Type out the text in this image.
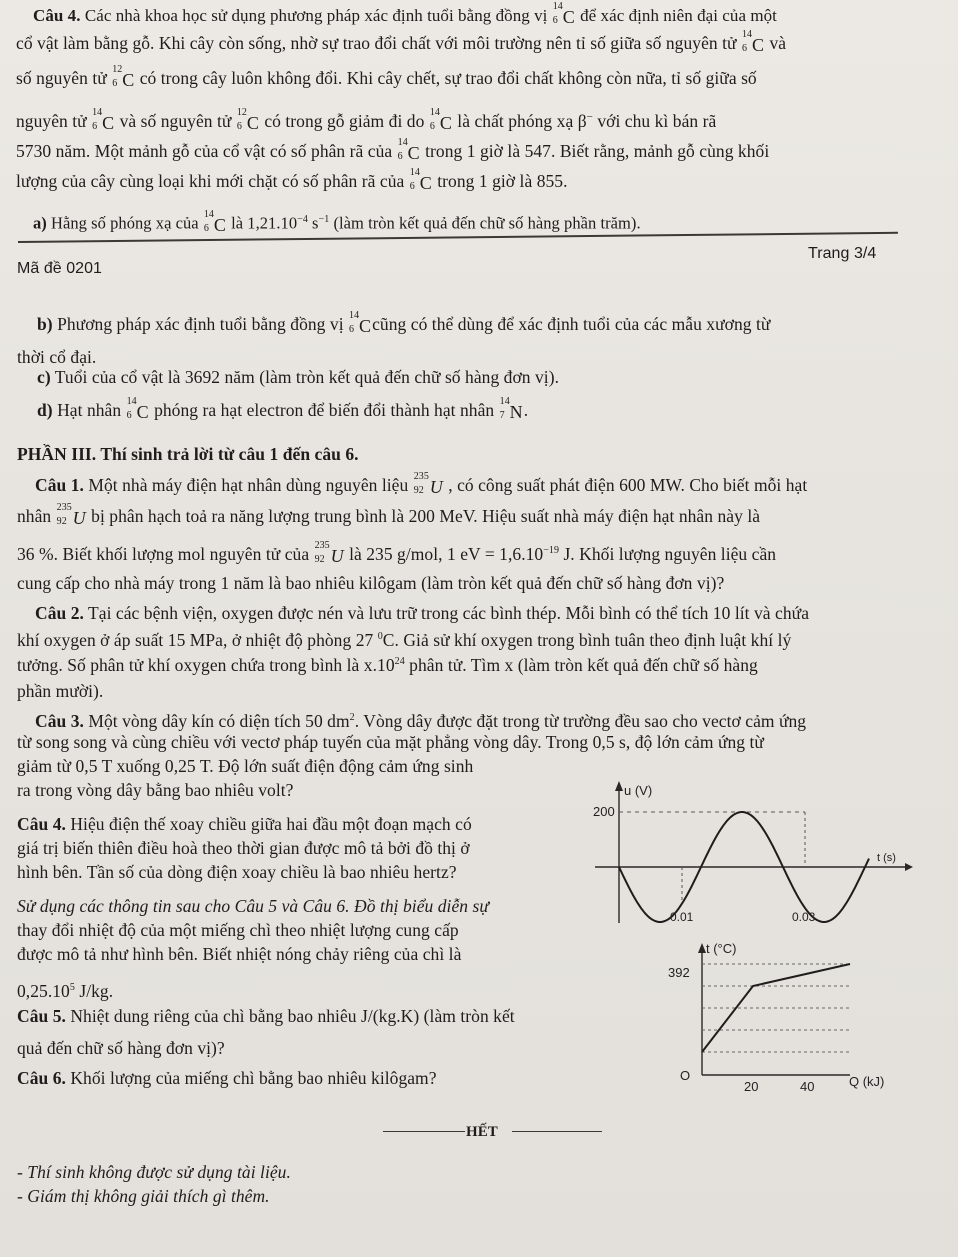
Câu 4. Các nhà khoa học sử dụng phương pháp xác định tuổi bằng đồng vị 14
6 C để xác định niên đại của một
cổ vật làm bằng gỗ. Khi cây còn sống, nhờ sự trao đổi chất với môi trường nên tỉ số giữa số nguyên tử 14
6 C và
số nguyên tử 12
6 C có trong cây luôn không đổi. Khi cây chết, sự trao đổi chất không còn nữa, tỉ số giữa số
nguyên tử 14
6 C và số nguyên tử 12
6 C có trong gỗ giảm đi do 14
6 C là chất phóng xạ β− với chu kì bán rã
5730 năm. Một mảnh gỗ của cổ vật có số phân rã của 14
6 C trong 1 giờ là 547. Biết rằng, mảnh gỗ cùng khối
lượng của cây cùng loại khi mới chặt có số phân rã của 14
6 C trong 1 giờ là 855.
a) Hằng số phóng xạ của 14
6 C là $1,21.10^{-4}$ $s^{-1}$ (làm tròn kết quả đến chữ số hàng phần trăm).
Mã đề 0201
Trang 3/4
b) Phương pháp xác định tuổi bằng đồng vị 14
6 Ccũng có thể dùng để xác định tuổi của các mẫu xương từ
thời cổ đại.
c) Tuổi của cổ vật là 3692 năm (làm tròn kết quả đến chữ số hàng đơn vị).
d) Hạt nhân 14
6 C phóng ra hạt electron để biến đổi thành hạt nhân 14
7 N.
PHẦN III. Thí sinh trả lời từ câu 1 đến câu 6.
Câu 1. Một nhà máy điện hạt nhân dùng nguyên liệu 235
92 U , có công suất phát điện 600 MW. Cho biết mỗi hạt
nhân 235
92 U bị phân hạch toả ra năng lượng trung bình là 200 MeV. Hiệu suất nhà máy điện hạt nhân này là
36 %. Biết khối lượng mol nguyên tử của 235
92 U là 235 g/mol, 1 eV = $1,6.10^{-19}$ J. Khối lượng nguyên liệu cần
cung cấp cho nhà máy trong 1 năm là bao nhiêu kilôgam (làm tròn kết quả đến chữ số hàng đơn vị)?
Câu 2. Tại các bệnh viện, oxygen được nén và lưu trữ trong các bình thép. Mỗi bình có thể tích 10 lít và chứa
khí oxygen ở áp suất 15 MPa, ở nhiệt độ phòng 27 $^0$C. Giả sử khí oxygen trong bình tuân theo định luật khí lý
tưởng. Số phân tử khí oxygen chứa trong bình là $x.10^{24}$ phân tử. Tìm x (làm tròn kết quả đến chữ số hàng
phần mười).
Câu 3. Một vòng dây kín có diện tích 50 $dm^2$. Vòng dây được đặt trong từ trường đều sao cho vectơ cảm ứng
từ song song và cùng chiều với vectơ pháp tuyến của mặt phẳng vòng dây. Trong 0,5 s, độ lớn cảm ứng từ
giảm từ 0,5 T xuống 0,25 T. Độ lớn suất điện động cảm ứng sinh
ra trong vòng dây bằng bao nhiêu volt?
Câu 4. Hiệu điện thế xoay chiều giữa hai đầu một đoạn mạch có
giá trị biến thiên điều hoà theo thời gian được mô tả bởi đồ thị ở
hình bên. Tần số của dòng điện xoay chiều là bao nhiêu hertz?
Sử dụng các thông tin sau cho Câu 5 và Câu 6. Đồ thị biểu diễn sự
thay đổi nhiệt độ của một miếng chì theo nhiệt lượng cung cấp
được mô tả như hình bên. Biết nhiệt nóng chảy riêng của chì là
0,25.10$^5$ J/kg.
Câu 5. Nhiệt dung riêng của chì bằng bao nhiêu J/(kg.K) (làm tròn kết
quả đến chữ số hàng đơn vị)?
Câu 6. Khối lượng của miếng chì bằng bao nhiêu kilôgam?
HẾT
- Thí sinh không được sử dụng tài liệu.
- Giám thị không giải thích gì thêm.
u (V)
200
t (s)
0.01	0.03
t (°C)
392
O
20	40	Q (kJ)
